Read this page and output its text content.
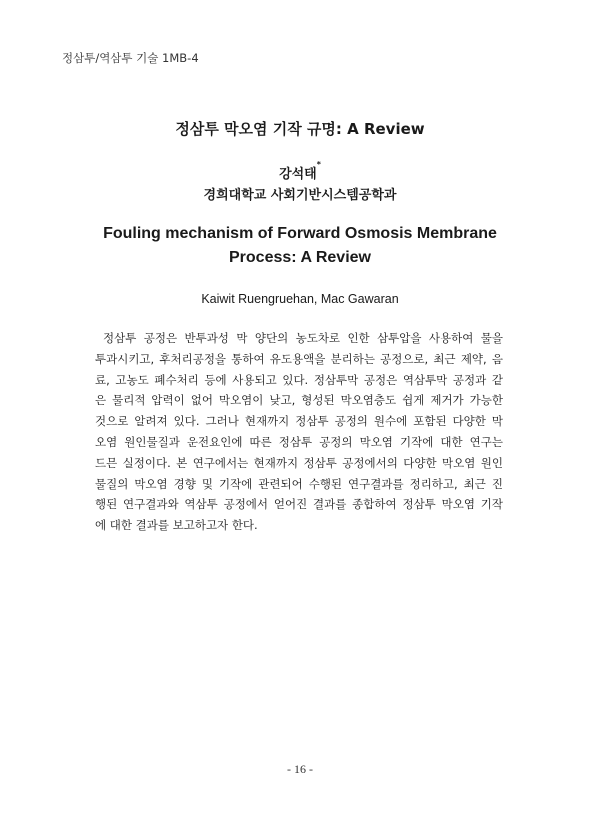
정삼투/역삼투 기술 1MB-4
정삼투 막오염 기작 규명: A Review
강석태*
경희대학교 사회기반시스템공학과
Fouling mechanism of Forward Osmosis Membrane
Process: A Review
Kaiwit Ruengruehan, Mac Gawaran
정삼투 공정은 반투과성 막 양단의 농도차로 인한 삼투압을 사용하여 물을
투과시키고, 후처리공정을 통하여 유도용액을 분리하는 공정으로, 최근 제약, 음
료, 고농도 폐수처리 등에 사용되고 있다. 정삼투막 공정은 역삼투막 공정과 같
은 물리적 압력이 없어 막오염이 낮고, 형성된 막오염층도 쉽게 제거가 가능한
것으로 알려져 있다. 그러나 현재까지 정삼투 공정의 원수에 포함된 다양한 막
오염 원인물질과 운전요인에 따른 정삼투 공정의 막오염 기작에 대한 연구는
드믄 실정이다. 본 연구에서는 현재까지 정삼투 공정에서의 다양한 막오염 원인
물질의 막오염 경향 및 기작에 관련되어 수행된 연구결과를 정리하고, 최근 진
행된 연구결과와 역삼투 공정에서 얻어진 결과를 종합하여 정삼투 막오염 기작
에 대한 결과를 보고하고자 한다.
- 16 -
